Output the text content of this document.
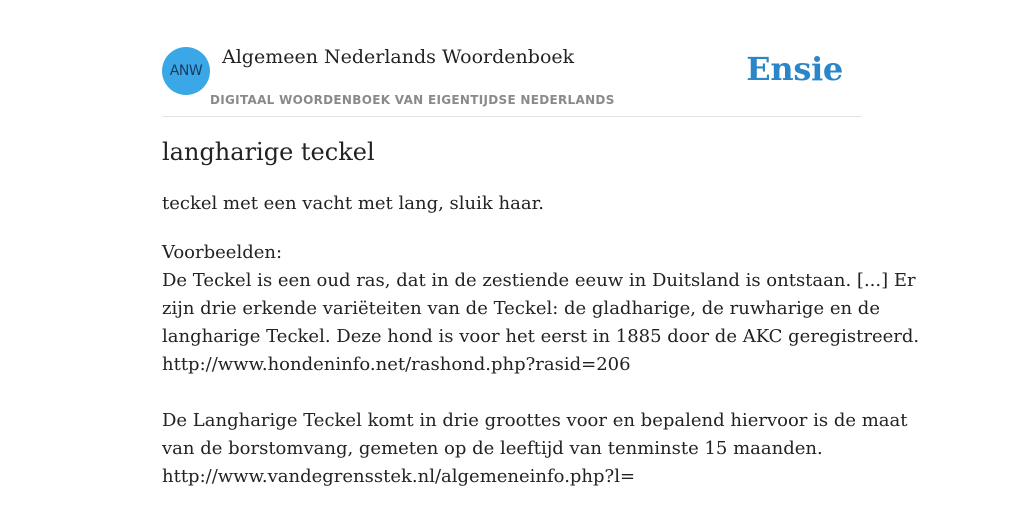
ANW
Algemeen Nederlands Woordenboek
DIGITAAL WOORDENBOEK VAN EIGENTIJDSE NEDERLANDS
Ensie
langharige teckel
teckel met een vacht met lang, sluik haar.
Voorbeelden:
De Teckel is een oud ras, dat in de zestiende eeuw in Duitsland is ontstaan. [...] Er
zijn drie erkende variëteiten van de Teckel: de gladharige, de ruwharige en de
langharige Teckel. Deze hond is voor het eerst in 1885 door de AKC geregistreerd.
http://www.hondeninfo.net/rashond.php?rasid=206
De Langharige Teckel komt in drie groottes voor en bepalend hiervoor is de maat
van de borstomvang, gemeten op de leeftijd van tenminste 15 maanden.
http://www.vandegrensstek.nl/algemeneinfo.php?l=
